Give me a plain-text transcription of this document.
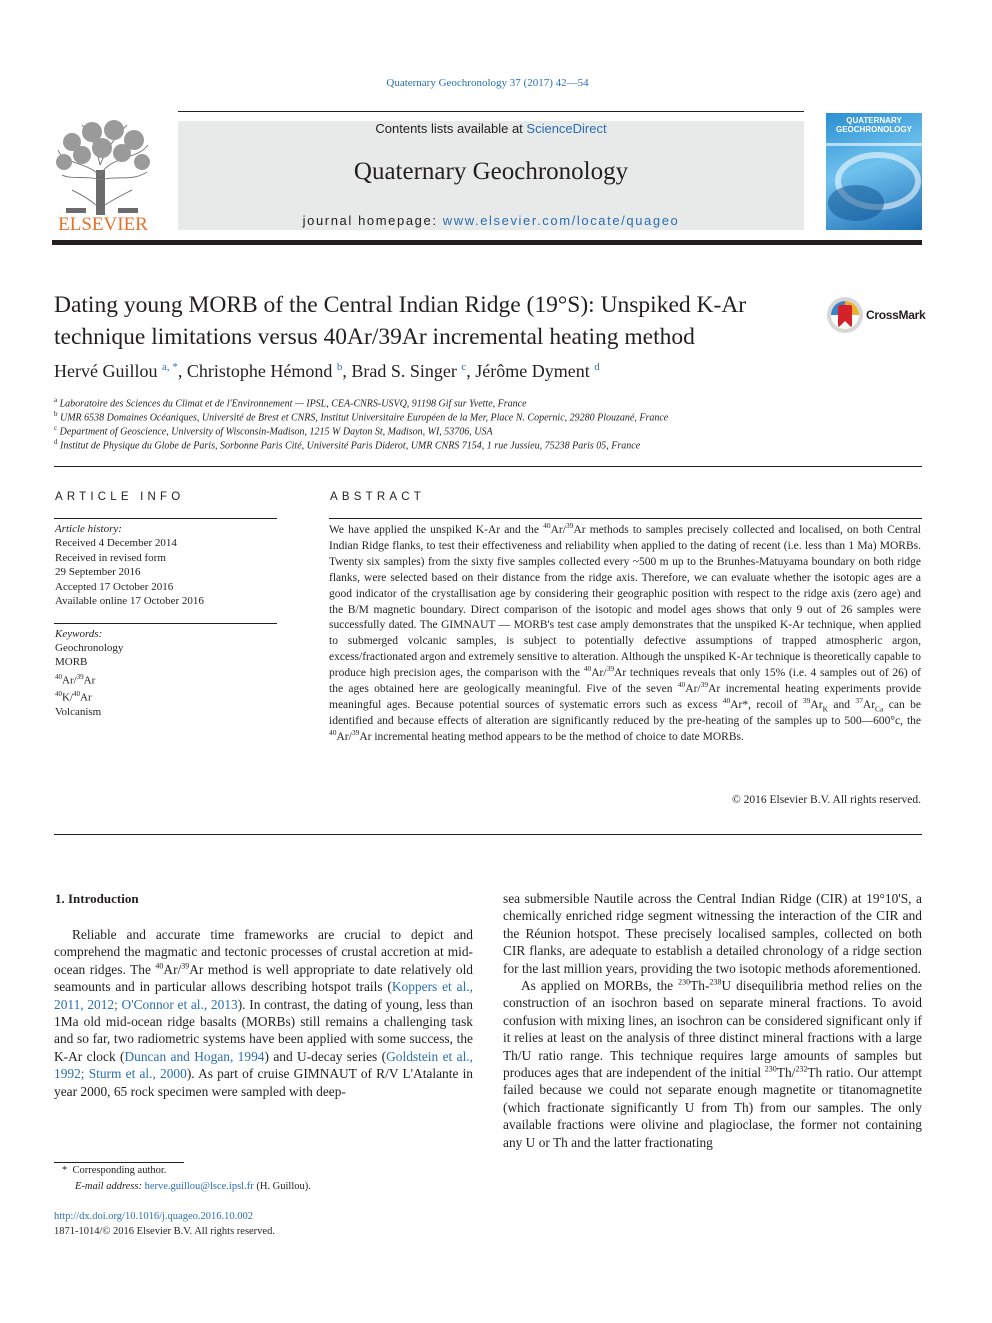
Quaternary Geochronology 37 (2017) 42—54
ELSEVIER
Contents lists available at ScienceDirect
Quaternary Geochronology
journal homepage: www.elsevier.com/locate/quageo
QUATERNARY GEOCHRONOLOGY
Dating young MORB of the Central Indian Ridge (19°S): Unspiked K-Ar technique limitations versus 40Ar/39Ar incremental heating method
CrossMark
Hervé Guillou $^{a, *}$, Christophe Hémond $^b$, Brad S. Singer $^c$, Jérôme Dyment $^d$
$^a$ Laboratoire des Sciences du Climat et de l'Environnement — IPSL, CEA-CNRS-USVQ, 91198 Gif sur Yvette, France
$^b$ UMR 6538 Domaines Océaniques, Université de Brest et CNRS, Institut Universitaire Européen de la Mer, Place N. Copernic, 29280 Plouzané, France
$^c$ Department of Geoscience, University of Wisconsin-Madison, 1215 W Dayton St, Madison, WI, 53706, USA
$^d$ Institut de Physique du Globe de Paris, Sorbonne Paris Cité, Université Paris Diderot, UMR CNRS 7154, 1 rue Jussieu, 75238 Paris 05, France
ARTICLE INFO
Article history:
Received 4 December 2014
Received in revised form
29 September 2016
Accepted 17 October 2016
Available online 17 October 2016
Keywords:
Geochronology
MORB
$^{40}$Ar/$^{39}$Ar
$^{40}$K/$^{40}$Ar
Volcanism
ABSTRACT
We have applied the unspiked K-Ar and the $^{40}$Ar/$^{39}$Ar methods to samples precisely collected and localised, on both Central Indian Ridge flanks, to test their effectiveness and reliability when applied to the dating of recent (i.e. less than 1 Ma) MORBs. Twenty six samples) from the sixty five samples collected every ~500 m up to the Brunhes-Matuyama boundary on both ridge flanks, were selected based on their distance from the ridge axis. Therefore, we can evaluate whether the isotopic ages are a good indicator of the crystallisation age by considering their geographic position with respect to the ridge axis (zero age) and the B/M magnetic boundary. Direct comparison of the isotopic and model ages shows that only 9 out of 26 samples were successfully dated. The GIMNAUT — MORB's test case amply demonstrates that the unspiked K-Ar technique, when applied to submerged volcanic samples, is subject to potentially defective assumptions of trapped atmospheric argon, excess/fractionated argon and extremely sensitive to alteration. Although the unspiked K-Ar technique is theoretically capable to produce high precision ages, the comparison with the $^{40}$Ar/$^{39}$Ar techniques reveals that only 15% (i.e. 4 samples out of 26) of the ages obtained here are geologically meaningful. Five of the seven $^{40}$Ar/$^{39}$Ar incremental heating experiments provide meaningful ages. Because potential sources of systematic errors such as excess $^{40}$Ar*, recoil of $^{39}Ar_K$ and $^{37}Ar_{Ca}$ can be identified and because effects of alteration are significantly reduced by the pre-heating of the samples up to 500—600°c, the $^{40}$Ar/$^{39}$Ar incremental heating method appears to be the method of choice to date MORBs.
© 2016 Elsevier B.V. All rights reserved.
1. Introduction

Reliable and accurate time frameworks are crucial to depict and comprehend the magmatic and tectonic processes of crustal accretion at mid-ocean ridges. The $^{40}$Ar/$^{39}$Ar method is well appropriate to date relatively old seamounts and in particular allows describing hotspot trails (Koppers et al., 2011, 2012; O'Connor et al., 2013). In contrast, the dating of young, less than 1Ma old mid-ocean ridge basalts (MORBs) still remains a challenging task and so far, two radiometric systems have been applied with some success, the K-Ar clock (Duncan and Hogan, 1994) and U-decay series (Goldstein et al., 1992; Sturm et al., 2000). As part of cruise GIMNAUT of R/V L'Atalante in year 2000, 65 rock specimen were sampled with deep-

sea submersible Nautile across the Central Indian Ridge (CIR) at 19°10'S, a chemically enriched ridge segment witnessing the interaction of the CIR and the Réunion hotspot. These precisely localised samples, collected on both CIR flanks, are adequate to establish a detailed chronology of a ridge section for the last million years, providing the two isotopic methods aforementioned.

As applied on MORBs, the $^{230}$Th-$^{238}$U disequilibria method relies on the construction of an isochron based on separate mineral fractions. To avoid confusion with mixing lines, an isochron can be considered significant only if it relies at least on the analysis of three distinct mineral fractions with a large Th/U ratio range. This technique requires large amounts of samples but produces ages that are independent of the initial $^{230}$Th/$^{232}$Th ratio. Our attempt failed because we could not separate enough magnetite or titanomagnetite (which fractionate significantly U from Th) from our samples. The only available fractions were olivine and plagioclase, the former not containing any U or Th and the latter fractionating

*  Corresponding author.
E-mail address: herve.guillou@lsce.ipsl.fr (H. Guillou).
http://dx.doi.org/10.1016/j.quageo.2016.10.002
1871-1014/© 2016 Elsevier B.V. All rights reserved.
